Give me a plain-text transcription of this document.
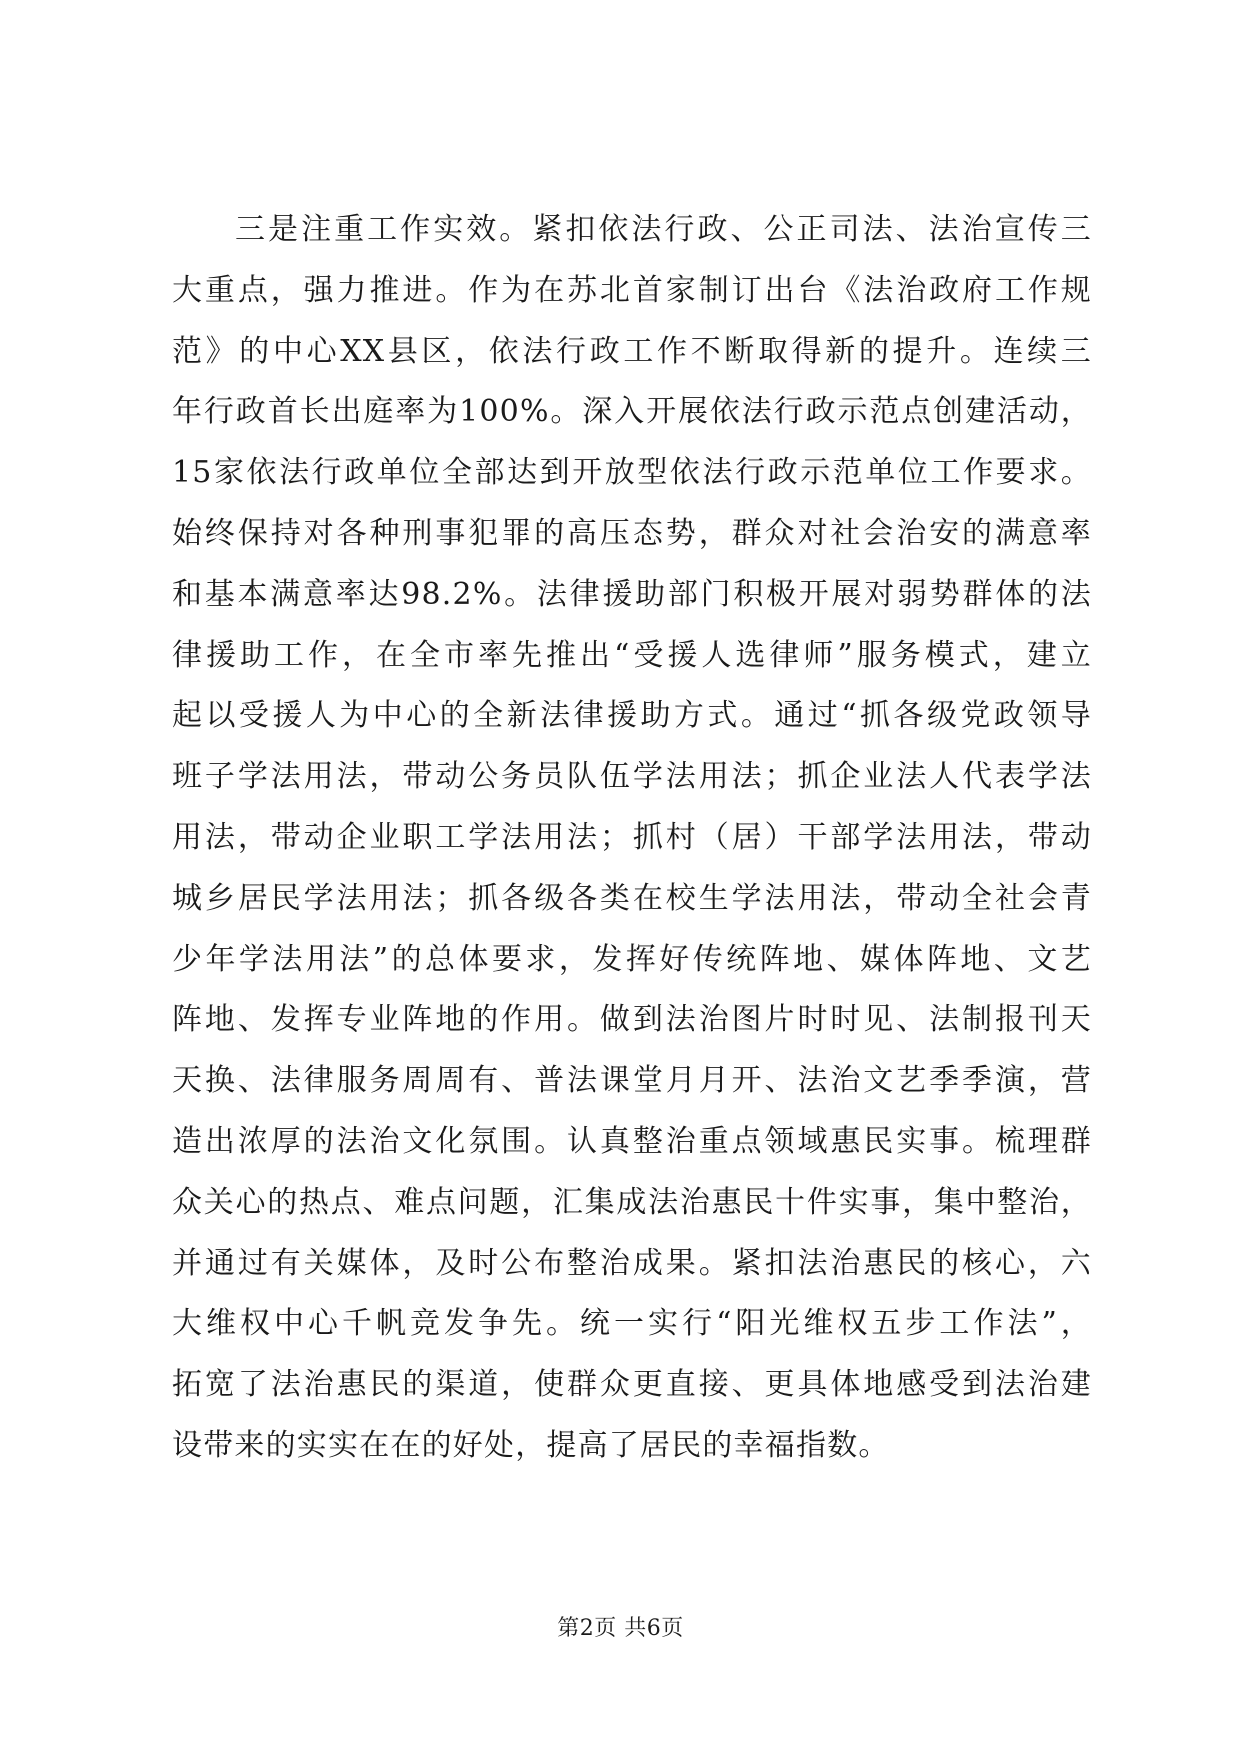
三是注重工作实效。紧扣依法行政、公正司法、法治宣传三
大重点，强力推进。作为在苏北首家制订出台《法治政府工作规
范》的中心XX县区，依法行政工作不断取得新的提升。连续三
年行政首长出庭率为100%。深入开展依法行政示范点创建活动，
15家依法行政单位全部达到开放型依法行政示范单位工作要求。
始终保持对各种刑事犯罪的高压态势，群众对社会治安的满意率
和基本满意率达98.2%。法律援助部门积极开展对弱势群体的法
律援助工作，在全市率先推出“受援人选律师”服务模式，建立
起以受援人为中心的全新法律援助方式。通过“抓各级党政领导
班子学法用法，带动公务员队伍学法用法；抓企业法人代表学法
用法，带动企业职工学法用法；抓村（居）干部学法用法，带动
城乡居民学法用法；抓各级各类在校生学法用法，带动全社会青
少年学法用法”的总体要求，发挥好传统阵地、媒体阵地、文艺
阵地、发挥专业阵地的作用。做到法治图片时时见、法制报刊天
天换、法律服务周周有、普法课堂月月开、法治文艺季季演，营
造出浓厚的法治文化氛围。认真整治重点领域惠民实事。梳理群
众关心的热点、难点问题，汇集成法治惠民十件实事，集中整治，
并通过有关媒体，及时公布整治成果。紧扣法治惠民的核心，六
大维权中心千帆竞发争先。统一实行“阳光维权五步工作法”，
拓宽了法治惠民的渠道，使群众更直接、更具体地感受到法治建
设带来的实实在在的好处，提高了居民的幸福指数。
第2页 共6页
